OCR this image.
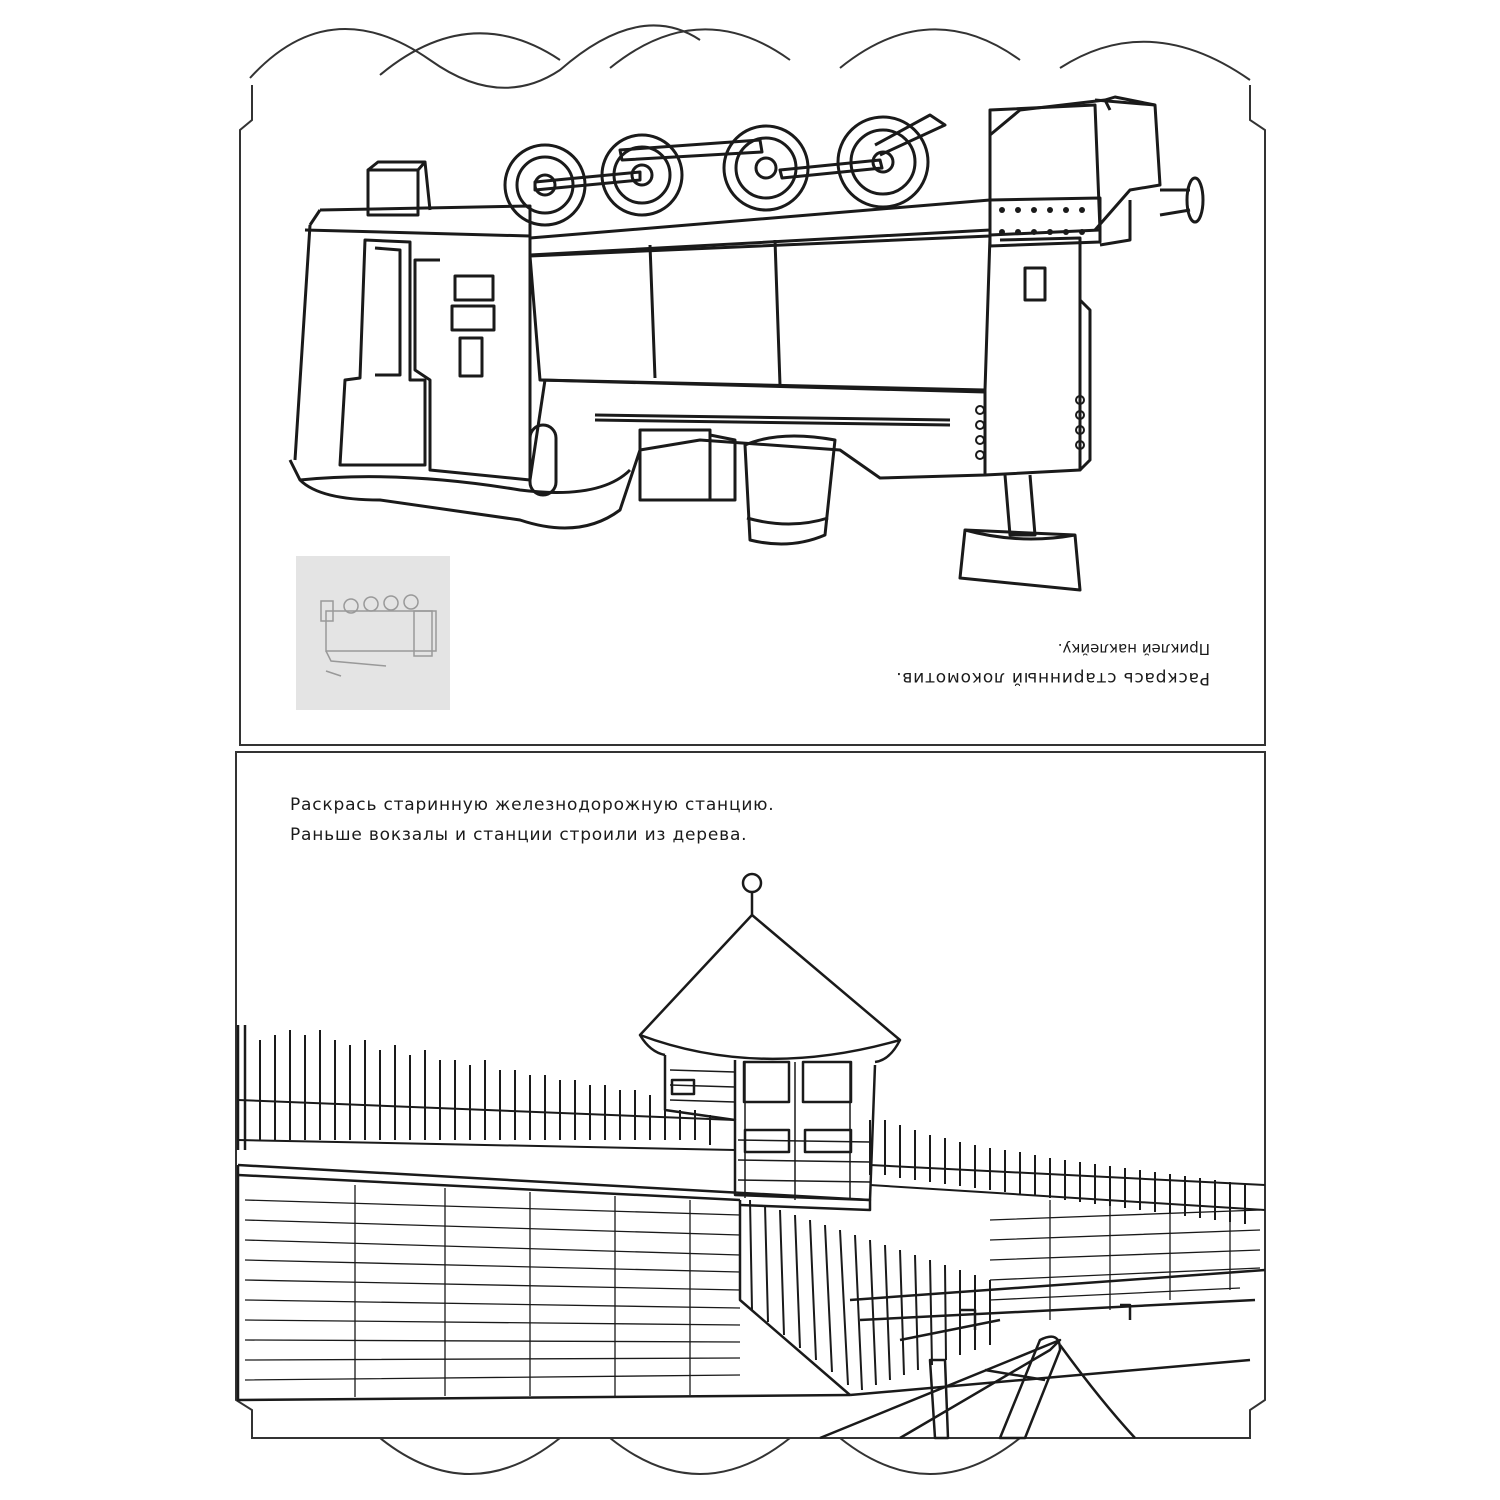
Раскрась старинный локомотив.
Приклей наклейку.
Раскрась старинную железнодорожную станцию.
Раньше вокзалы и станции строили из дерева.
